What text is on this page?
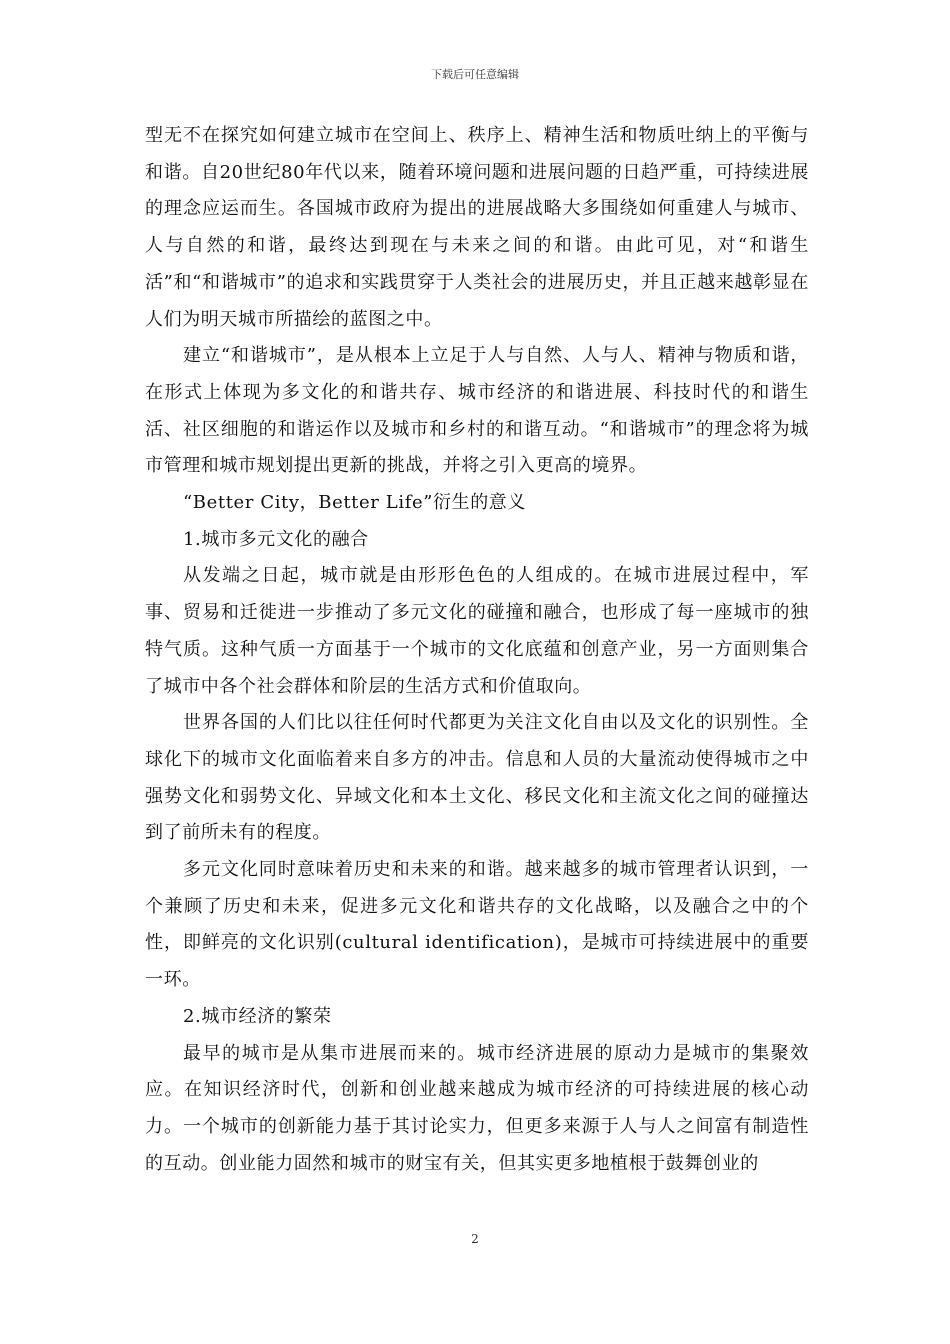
下载后可任意编辑

型无不在探究如何建立城市在空间上、秩序上、精神生活和物质吐纳上的平衡与和谐。自20世纪80年代以来，随着环境问题和进展问题的日趋严重，可持续进展的理念应运而生。各国城市政府为提出的进展战略大多围绕如何重建人与城市、人与自然的和谐，最终达到现在与未来之间的和谐。由此可见，对“和谐生活”和“和谐城市”的追求和实践贯穿于人类社会的进展历史，并且正越来越彰显在人们为明天城市所描绘的蓝图之中。

建立“和谐城市”，是从根本上立足于人与自然、人与人、精神与物质和谐，在形式上体现为多文化的和谐共存、城市经济的和谐进展、科技时代的和谐生活、社区细胞的和谐运作以及城市和乡村的和谐互动。“和谐城市”的理念将为城市管理和城市规划提出更新的挑战，并将之引入更高的境界。

“Better City，Better Life”衍生的意义

1.城市多元文化的融合

从发端之日起，城市就是由形形色色的人组成的。在城市进展过程中，军事、贸易和迁徙进一步推动了多元文化的碰撞和融合，也形成了每一座城市的独特气质。这种气质一方面基于一个城市的文化底蕴和创意产业，另一方面则集合了城市中各个社会群体和阶层的生活方式和价值取向。

世界各国的人们比以往任何时代都更为关注文化自由以及文化的识别性。全球化下的城市文化面临着来自多方的冲击。信息和人员的大量流动使得城市之中强势文化和弱势文化、异域文化和本土文化、移民文化和主流文化之间的碰撞达到了前所未有的程度。

多元文化同时意味着历史和未来的和谐。越来越多的城市管理者认识到，一个兼顾了历史和未来，促进多元文化和谐共存的文化战略，以及融合之中的个性，即鲜亮的文化识别(cultural identification)，是城市可持续进展中的重要一环。

2.城市经济的繁荣

最早的城市是从集市进展而来的。城市经济进展的原动力是城市的集聚效应。在知识经济时代，创新和创业越来越成为城市经济的可持续进展的核心动力。一个城市的创新能力基于其讨论实力，但更多来源于人与人之间富有制造性的互动。创业能力固然和城市的财宝有关，但其实更多地植根于鼓舞创业的

2
